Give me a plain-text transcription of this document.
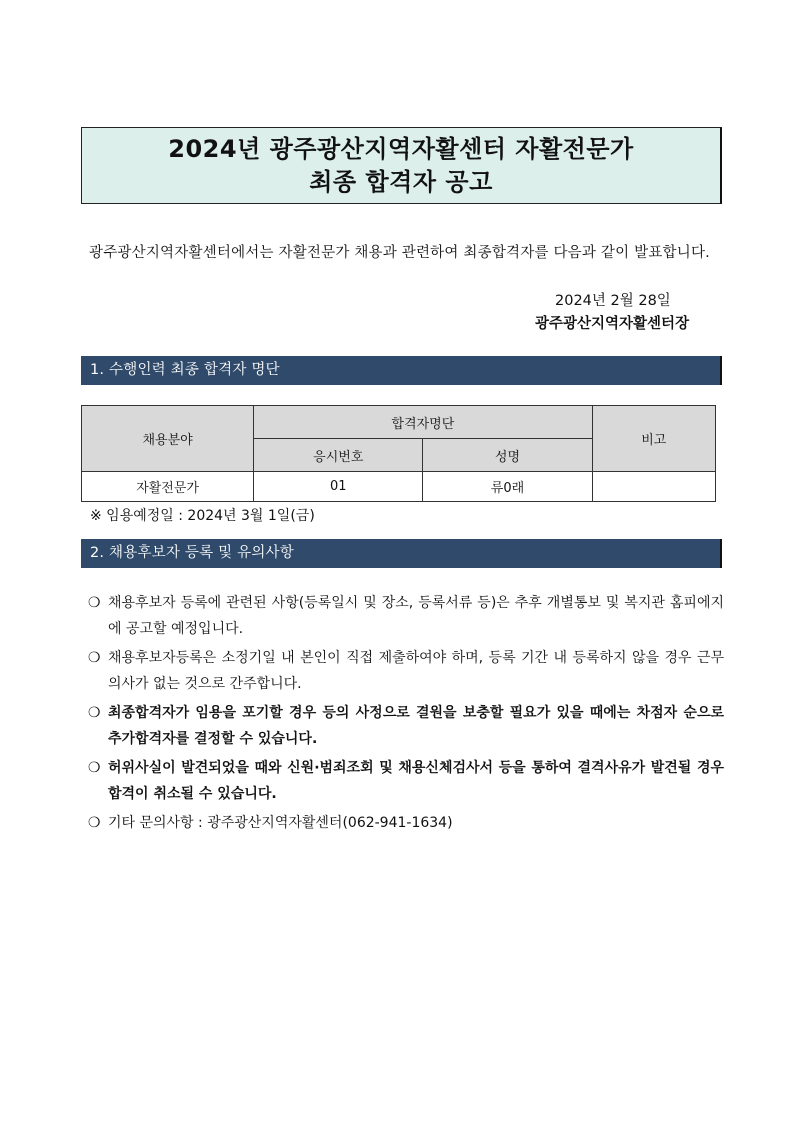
2024년 광주광산지역자활센터 자활전문가
최종 합격자 공고
광주광산지역자활센터에서는 자활전문가 채용과 관련하여 최종합격자를 다음과 같이 발표합니다.
2024년 2월 28일
광주광산지역자활센터장
1. 수행인력 최종 합격자 명단
채용분야	합격자명단		비고
	응시번호	성명	
자활전문가	01	류0래	
※ 임용예정일 : 2024년 3월 1일(금)
2. 채용후보자 등록 및 유의사항
❍ 채용후보자 등록에 관련된 사항(등록일시 및 장소, 등록서류 등)은 추후 개별통보 및 복지관 홈피에지에 공고할 예정입니다.
❍ 채용후보자등록은 소정기일 내 본인이 직접 제출하여야 하며, 등록 기간 내 등록하지 않을 경우 근무의사가 없는 것으로 간주합니다.
❍ 최종합격자가 임용을 포기할 경우 등의 사정으로 결원을 보충할 필요가 있을 때에는 차점자 순으로 추가합격자를 결정할 수 있습니다.
❍ 허위사실이 발견되었을 때와 신원·범죄조회 및 채용신체검사서 등을 통하여 결격사유가 발견될 경우 합격이 취소될 수 있습니다.
❍ 기타 문의사항 : 광주광산지역자활센터(062-941-1634)
